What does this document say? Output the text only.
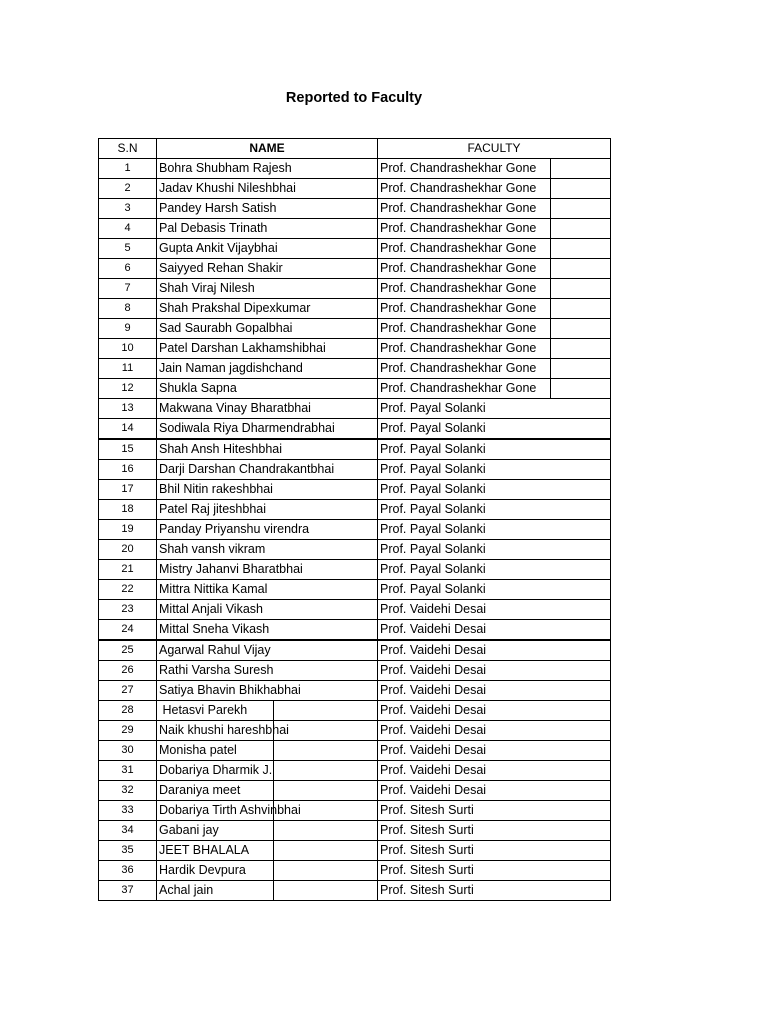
Reported to Faculty
S.N	NAME	FACULTY
1	Bohra Shubham Rajesh	Prof. Chandrashekhar Gone

2	Jadav Khushi Nileshbhai	Prof. Chandrashekhar Gone

3	Pandey Harsh Satish	Prof. Chandrashekhar Gone

4	Pal Debasis Trinath	Prof. Chandrashekhar Gone

5	Gupta Ankit Vijaybhai	Prof. Chandrashekhar Gone

6	Saiyyed Rehan Shakir	Prof. Chandrashekhar Gone

7	Shah Viraj Nilesh	Prof. Chandrashekhar Gone

8	Shah Prakshal Dipexkumar	Prof. Chandrashekhar Gone

9	Sad Saurabh Gopalbhai	Prof. Chandrashekhar Gone

10	Patel Darshan Lakhamshibhai	Prof. Chandrashekhar Gone

11	Jain Naman jagdishchand	Prof. Chandrashekhar Gone

12	Shukla Sapna	Prof. Chandrashekhar Gone

13	Makwana Vinay Bharatbhai	Prof. Payal Solanki
14	Sodiwala Riya Dharmendrabhai	Prof. Payal Solanki
15	Shah Ansh Hiteshbhai	Prof. Payal Solanki
16	Darji Darshan Chandrakantbhai	Prof. Payal Solanki
17	Bhil Nitin rakeshbhai	Prof. Payal Solanki
18	Patel Raj jiteshbhai	Prof. Payal Solanki
19	Panday Priyanshu virendra	Prof. Payal Solanki
20	Shah vansh vikram	Prof. Payal Solanki
21	Mistry Jahanvi Bharatbhai	Prof. Payal Solanki
22	Mittra Nittika Kamal	Prof. Payal Solanki
23	Mittal Anjali Vikash	Prof. Vaidehi Desai
24	Mittal Sneha Vikash	Prof. Vaidehi Desai
25	Agarwal Rahul Vijay	Prof. Vaidehi Desai
26	Rathi Varsha Suresh	Prof. Vaidehi Desai
27	Satiya Bhavin Bhikhabhai	Prof. Vaidehi Desai
28	Hetasvi Parekh	Prof. Vaidehi Desai
29	Naik khushi hareshbhai	Prof. Vaidehi Desai
30	Monisha patel	Prof. Vaidehi Desai
31	Dobariya Dharmik J.	Prof. Vaidehi Desai
32	Daraniya meet	Prof. Vaidehi Desai
33	Dobariya Tirth Ashvinbhai	Prof. Sitesh Surti
34	Gabani jay	Prof. Sitesh Surti
35	JEET BHALALA	Prof. Sitesh Surti
36	Hardik Devpura	Prof. Sitesh Surti
37	Achal jain	Prof. Sitesh Surti
